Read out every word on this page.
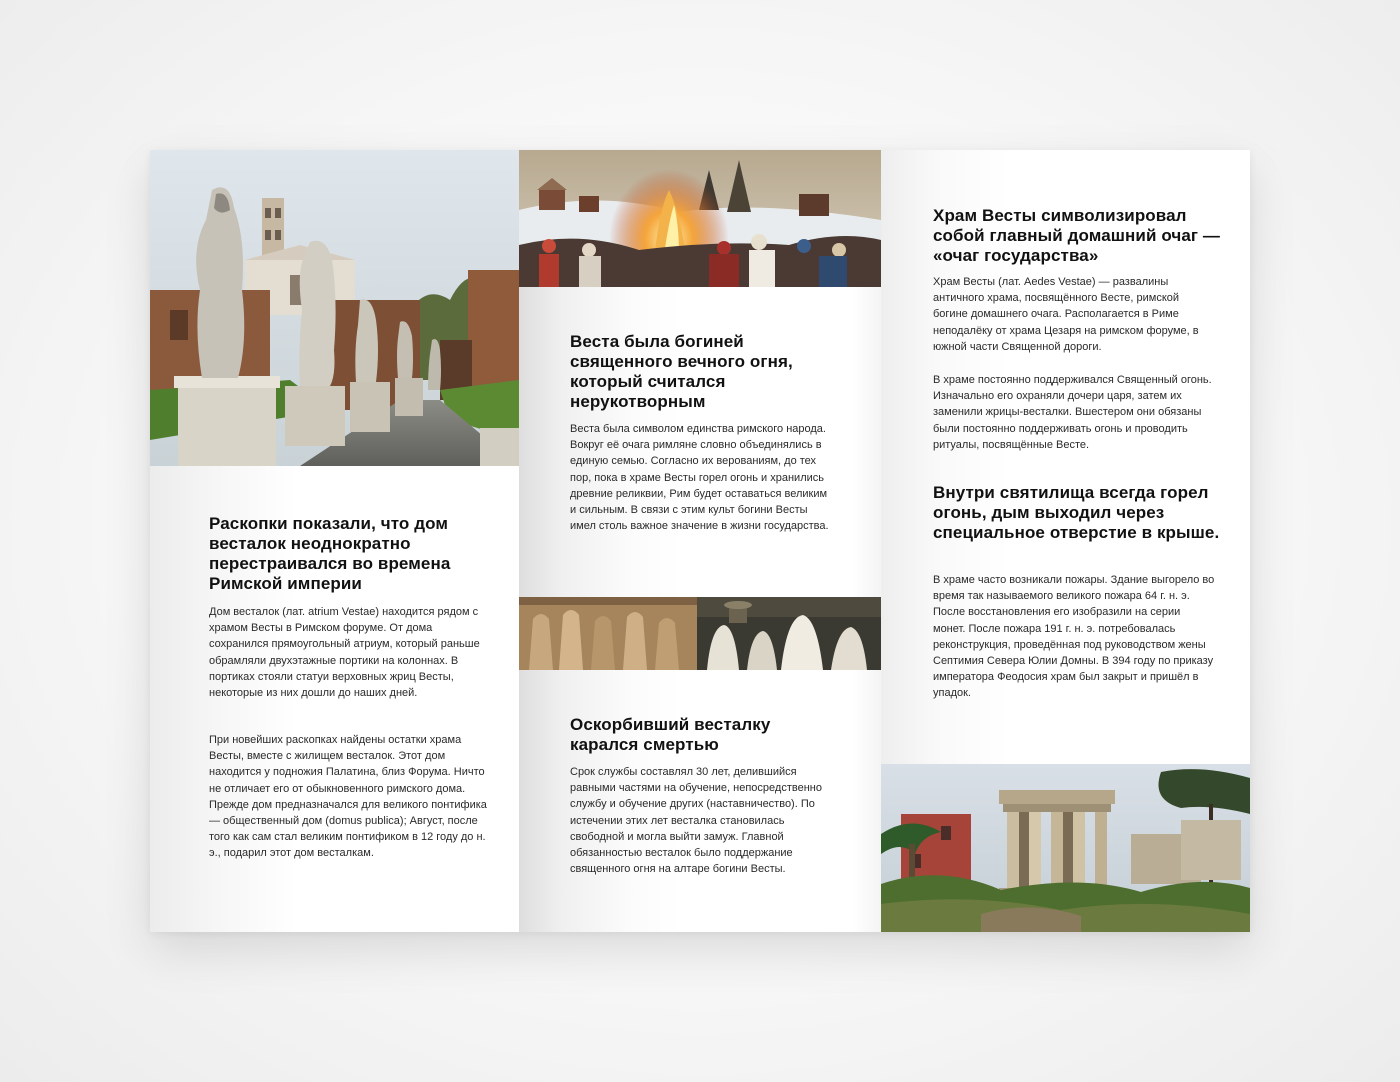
Раскопки показали, что дом весталок неоднократно перестраивался во времена Римской империи

Дом весталок (лат. atrium Vestae) находится рядом с храмом Весты в Римском форуме. От дома сохранился прямоугольный атриум, который раньше обрамляли двухэтажные портики на колоннах. В портиках стояли статуи верховных жриц Весты, некоторые из них дошли до наших дней.

При новейших раскопках найдены остатки храма Весты, вместе с жилищем весталок. Этот дом находится у подножия Палатина, близ Форума. Ничто не отличает его от обыкновенного римского дома. Прежде дом предназначался для великого понтифика — общественный дом (domus publica); Август, после того как сам стал великим понтификом в 12 году до н. э., подарил этот дом весталкам.

Веста была богиней священного вечного огня, который считался нерукотворным

Веста была символом единства римского народа. Вокруг её очага римляне словно объединялись в единую семью. Согласно их верованиям, до тех пор, пока в храме Весты горел огонь и хранились древние реликвии, Рим будет оставаться великим и сильным. В связи с этим культ богини Весты имел столь важное значение в жизни государства.

Оскорбивший весталку карался смертью

Срок службы составлял 30 лет, делившийся равными частями на обучение, непосредственно службу и обучение других (наставничество). По истечении этих лет весталка становилась свободной и могла выйти замуж. Главной обязанностью весталок было поддержание священного огня на алтаре богини Весты.

Храм Весты символизировал собой главный домашний очаг — «очаг государства»

Храм Весты (лат. Aedes Vestae) — развалины античного храма, посвящённого Весте, римской богине домашнего очага. Располагается в Риме неподалёку от храма Цезаря на римском форуме, в южной части Священной дороги.

В храме постоянно поддерживался Священный огонь. Изначально его охраняли дочери царя, затем их заменили жрицы-весталки. Вшестером они обязаны были постоянно поддерживать огонь и проводить ритуалы, посвящённые Весте.

Внутри святилища всегда горел огонь, дым выходил через специальное отверстие в крыше.

В храме часто возникали пожары. Здание выгорело во время так называемого великого пожара 64 г. н. э. После восстановления его изобразили на серии монет. После пожара 191 г. н. э. потребовалась реконструкция, проведённая под руководством жены Септимия Севера Юлии Домны. В 394 году по приказу императора Феодосия храм был закрыт и пришёл в упадок.
